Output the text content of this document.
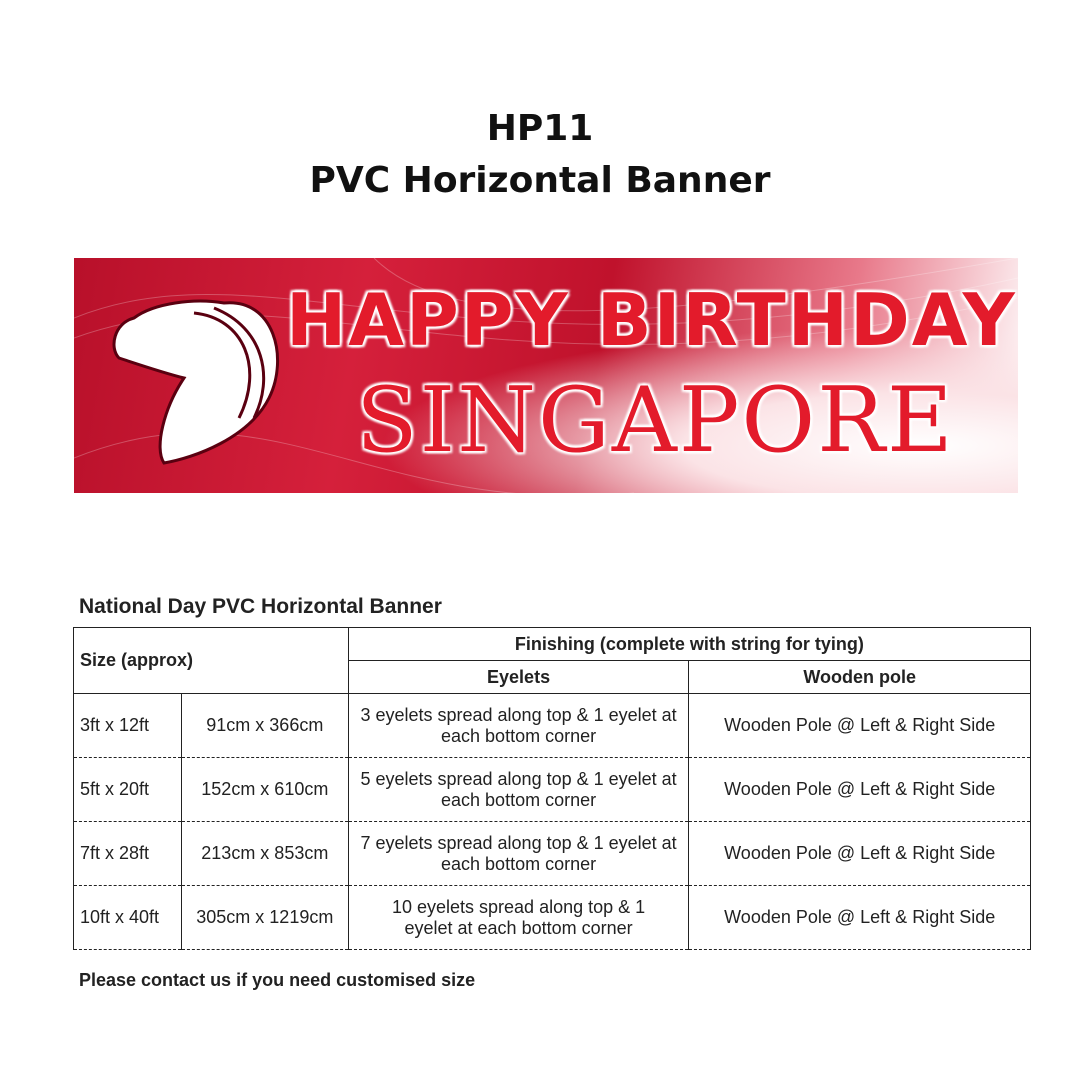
HP11
PVC Horizontal Banner
HAPPY BIRTHDAY
SINGAPORE
National Day PVC Horizontal Banner
Size (approx)		Finishing (complete with string for tying)	
		Eyelets	Wooden pole
3ft x 12ft	91cm x 366cm	3 eyelets spread along top & 1 eyelet at each bottom corner	Wooden Pole @ Left & Right Side
5ft x 20ft	152cm x 610cm	5 eyelets spread along top & 1 eyelet at each bottom corner	Wooden Pole @ Left & Right Side
7ft x 28ft	213cm x 853cm	7 eyelets spread along top & 1 eyelet at each bottom corner	Wooden Pole @ Left & Right Side
10ft x 40ft	305cm x 1219cm	10 eyelets spread along top & 1 eyelet at each bottom corner	Wooden Pole @ Left & Right Side
Please contact us if you need customised size
